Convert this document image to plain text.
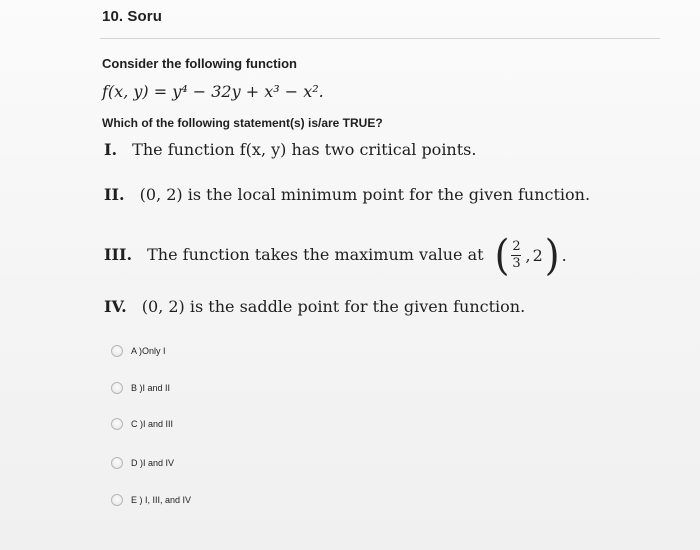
10. Soru
Consider the following function
f(x, y) = y⁴ − 32y + x³ − x².
Which of the following statement(s) is/are TRUE?
I. The function f(x, y) has two critical points.
II. (0, 2) is the local minimum point for the given function.
III. The function takes the maximum value at ( $\frac{2}{3}$ , 2 ) .
IV. (0, 2) is the saddle point for the given function.
A )Only I
B )I and II
C )I and III
D )I and IV
E ) I, III, and IV
